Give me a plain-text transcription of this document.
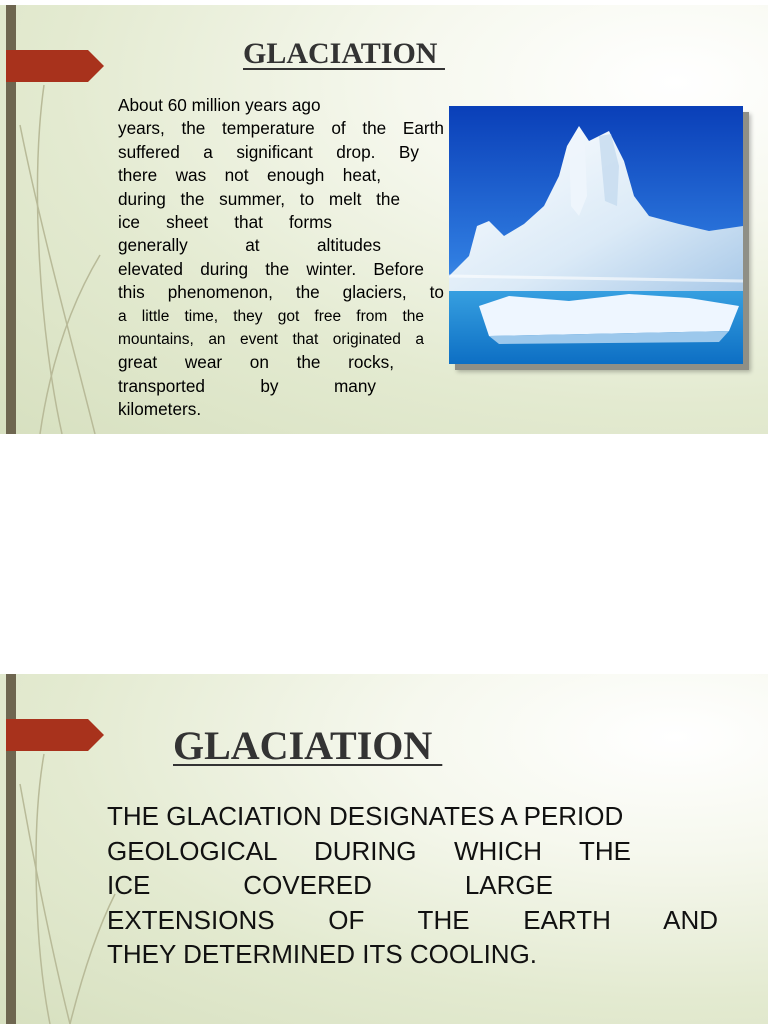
GLACIATION
About 60 million years ago
years, the temperature of the Earth
suffered a significant drop. By
there was not enough heat,
during the summer, to melt the
ice sheet that forms
generally at altitudes
elevated during the winter. Before
this phenomenon, the glaciers, to
a little time, they got free from the
mountains, an event that originated a
great wear on the rocks,
transported by many
kilometers.
GLACIATION
THE GLACIATION DESIGNATES A PERIOD
GEOLOGICAL DURING WHICH THE
ICE COVERED LARGE
EXTENSIONS OF THE EARTH AND
THEY DETERMINED ITS COOLING.
